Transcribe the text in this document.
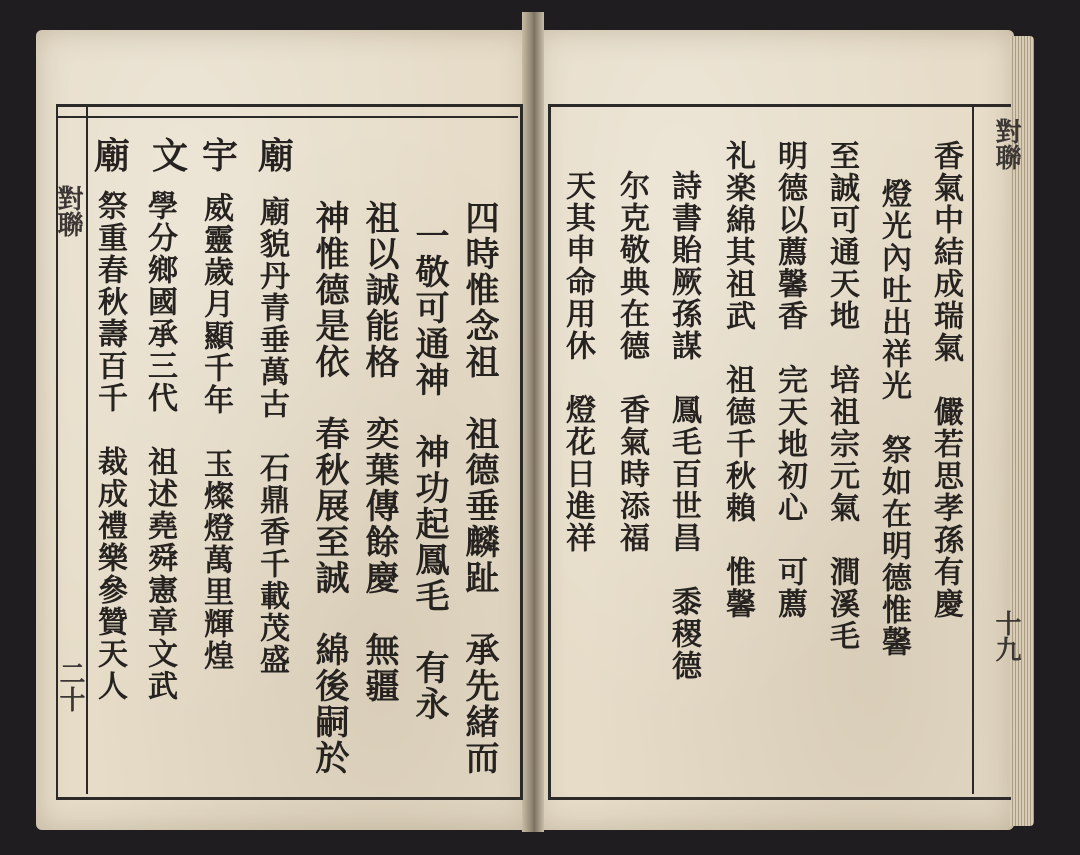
廟 文 宇 廟
對聯
對聯
十九
二十	四時惟念祖　祖德垂麟趾　承先緒而
一敬可通神　神功起鳳毛　有永
祖以誠能格　奕葉傳餘慶　無疆
神惟德是依　春秋展至誠　綿後嗣於
廟貌丹青垂萬古　石鼎香千載茂盛
威靈歲月顯千年　玉燦燈萬里輝煌
學分鄉國承三代　祖述堯舜憲章文武
祭重春秋壽百千　裁成禮樂參贊天人	香氣中結成瑞氣　儼若思孝孫有慶
燈光內吐出祥光　祭如在明德惟馨
至誠可通天地　培祖宗元氣　澗溪毛
明德以薦馨香　完天地初心　可薦
礼楽綿其祖武　祖德千秋賴　惟馨
詩書貽厥孫謀　鳳毛百世昌　黍稷德
尔克敬典在德　香氣時添福
天其申命用休　燈花日進祥
